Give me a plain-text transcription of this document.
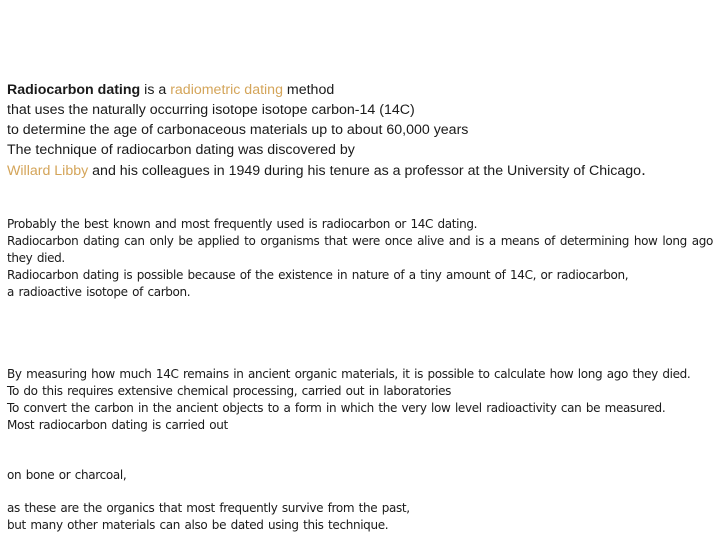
Radiocarbon dating is a radiometric dating method
that uses the naturally occurring isotope isotope carbon-14 (14C)
to determine the age of carbonaceous materials up to about 60,000 years
The technique of radiocarbon dating was discovered by
Willard Libby and his colleagues in 1949 during his tenure as a professor at the University of Chicago.
Probably the best known and most frequently used is radiocarbon or 14C dating.
Radiocarbon dating can only be applied to organisms that were once alive and is a means of determining how long ago they died.
Radiocarbon dating is possible because of the existence in nature of a tiny amount of 14C, or radiocarbon,
a radioactive isotope of carbon.
By measuring how much 14C remains in ancient organic materials, it is possible to calculate how long ago they died.
To do this requires extensive chemical processing, carried out in laboratories
To convert the carbon in the ancient objects to a form in which the very low level radioactivity can be measured.
Most radiocarbon dating is carried out
on bone or charcoal,
as these are the organics that most frequently survive from the past,
but many other materials can also be dated using this technique.
